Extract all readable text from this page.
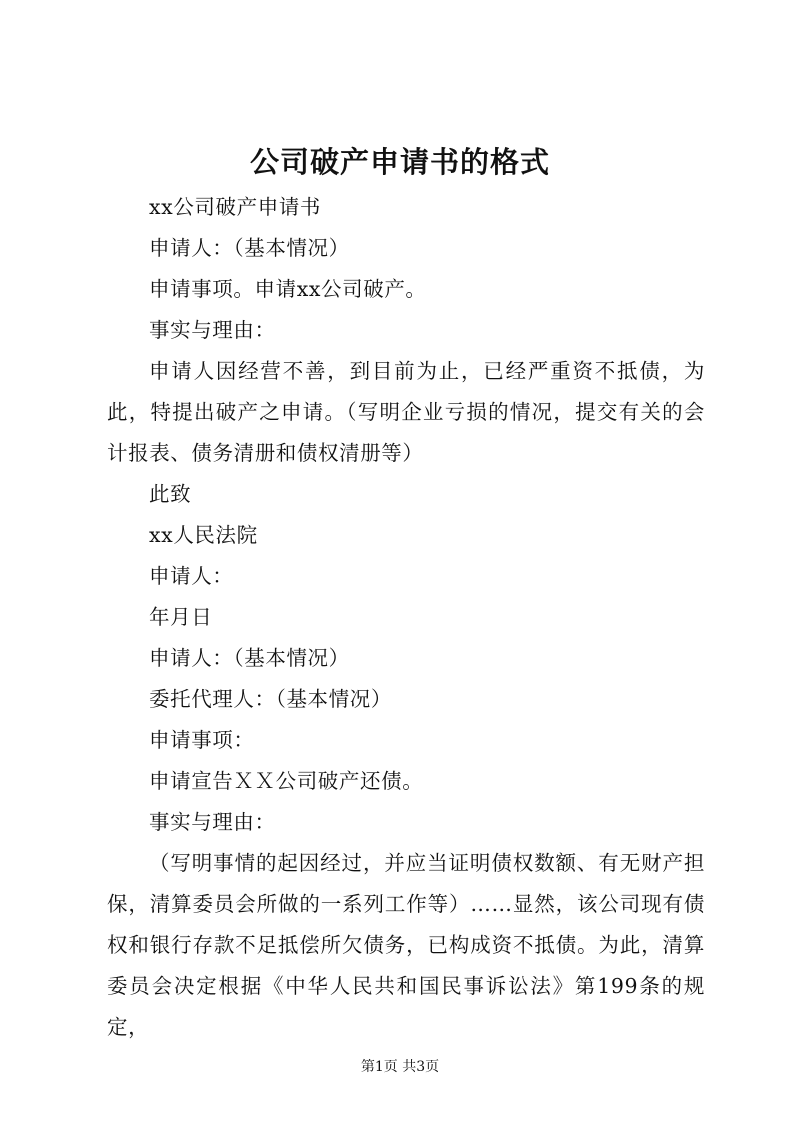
公司破产申请书的格式

xx公司破产申请书

申请人：（基本情况）

申请事项。申请xx公司破产。

事实与理由：

申请人因经营不善，到目前为止，已经严重资不抵债，为此，特提出破产之申请。（写明企业亏损的情况，提交有关的会计报表、债务清册和债权清册等）

此致

xx人民法院

申请人：

年月日

申请人：（基本情况）

委托代理人：（基本情况）

申请事项：

申请宣告ＸＸ公司破产还债。

事实与理由：

（写明事情的起因经过，并应当证明债权数额、有无财产担保，清算委员会所做的一系列工作等）……显然，该公司现有债权和银行存款不足抵偿所欠债务，已构成资不抵债。为此，清算委员会决定根据《中华人民共和国民事诉讼法》第199条的规定，

第1页 共3页
